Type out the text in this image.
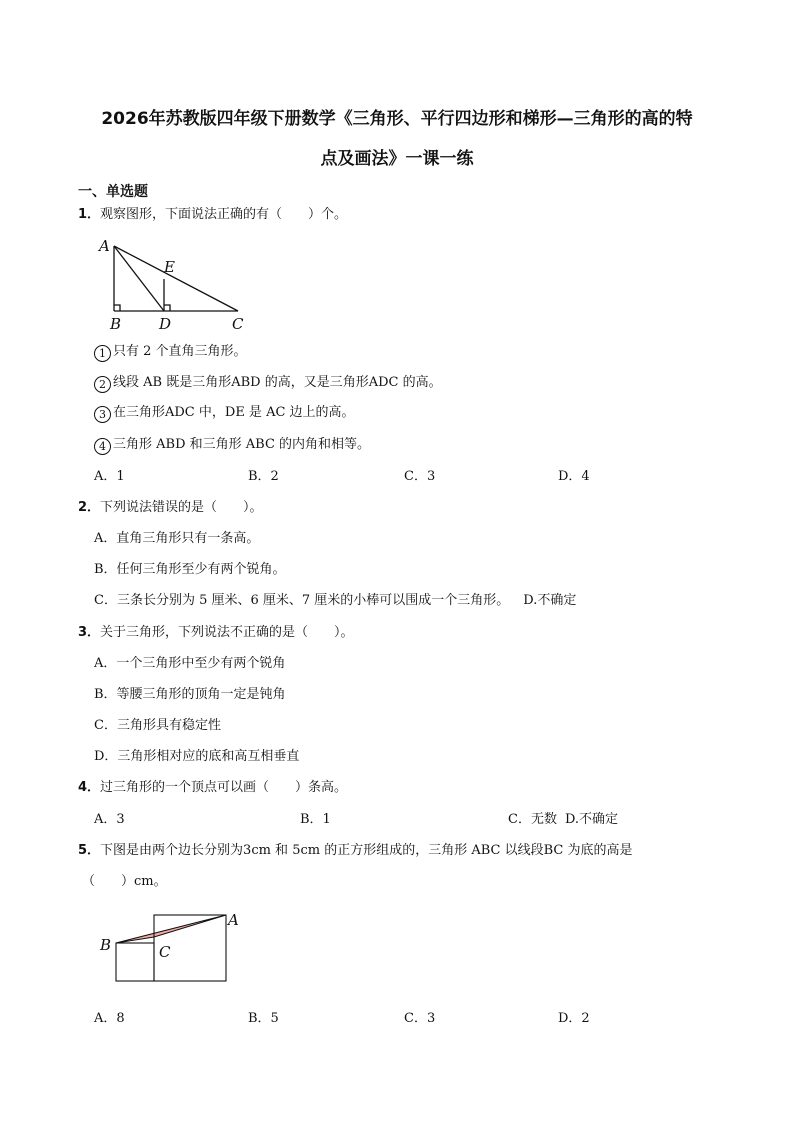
2026年苏教版四年级下册数学《三角形、平行四边形和梯形—三角形的高的特
点及画法》一课一练
一、单选题
1．观察图形，下面说法正确的有（　　）个。
A
E
B	D	C
1 只有 2 个直角三角形。
2 线段 AB 既是三角形ABD 的高，又是三角形ADC 的高。
3 在三角形ADC 中，DE 是 AC 边上的高。
4 三角形 ABD 和三角形 ABC 的内角和相等。
A．1	B．2	C．3	D．4
2．下列说法错误的是（　　）。
A．直角三角形只有一条高。
B．任何三角形至少有两个锐角。
C．三条长分别为 5 厘米、6 厘米、7 厘米的小棒可以围成一个三角形。 D.不确定
3．关于三角形，下列说法不正确的是（　　）。
A．一个三角形中至少有两个锐角
B．等腰三角形的顶角一定是钝角
C．三角形具有稳定性
D．三角形相对应的底和高互相垂直
4．过三角形的一个顶点可以画（　　）条高。
A．3	B．1	C．无数 D.不确定
5．下图是由两个边长分别为3cm 和 5cm 的正方形组成的，三角形 ABC 以线段BC 为底的高是
（　　）cm。
B	C
A
A．8	B．5	C．3	D．2
